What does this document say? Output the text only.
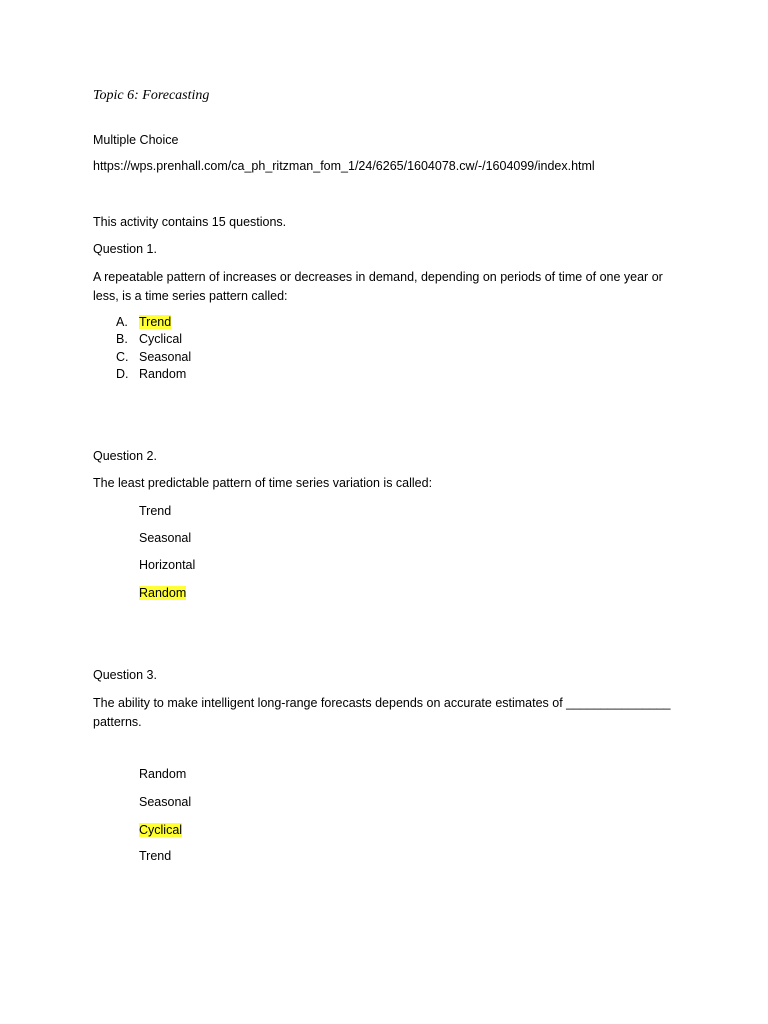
Topic 6: Forecasting
Multiple Choice
https://wps.prenhall.com/ca_ph_ritzman_fom_1/24/6265/1604078.cw/-/1604099/index.html
This activity contains 15 questions.
Question 1.
A repeatable pattern of increases or decreases in demand, depending on periods of time of one year or less, is a time series pattern called:
A. Trend
B. Cyclical
C. Seasonal
D. Random
Question 2.
The least predictable pattern of time series variation is called:
Trend
Seasonal
Horizontal
Random
Question 3.
The ability to make intelligent long-range forecasts depends on accurate estimates of _______________ patterns.
Random
Seasonal
Cyclical
Trend
